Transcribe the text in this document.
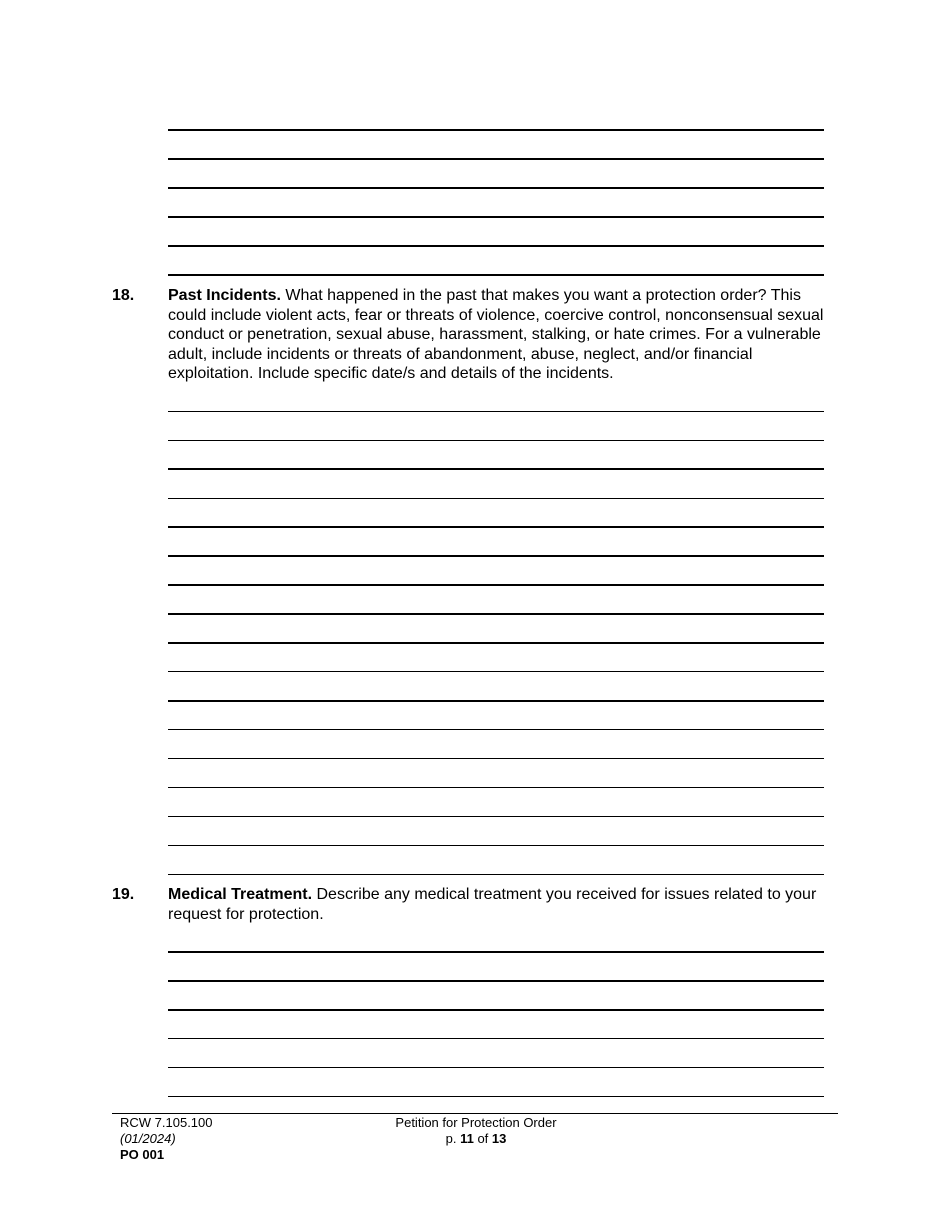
18. Past Incidents. What happened in the past that makes you want a protection order? This could include violent acts, fear or threats of violence, coercive control, nonconsensual sexual conduct or penetration, sexual abuse, harassment, stalking, or hate crimes. For a vulnerable adult, include incidents or threats of abandonment, abuse, neglect, and/or financial exploitation. Include specific date/s and details of the incidents.
19. Medical Treatment. Describe any medical treatment you received for issues related to your request for protection.
RCW 7.105.100
(01/2024)
PO 001
Petition for Protection Order
p. 11 of 13
